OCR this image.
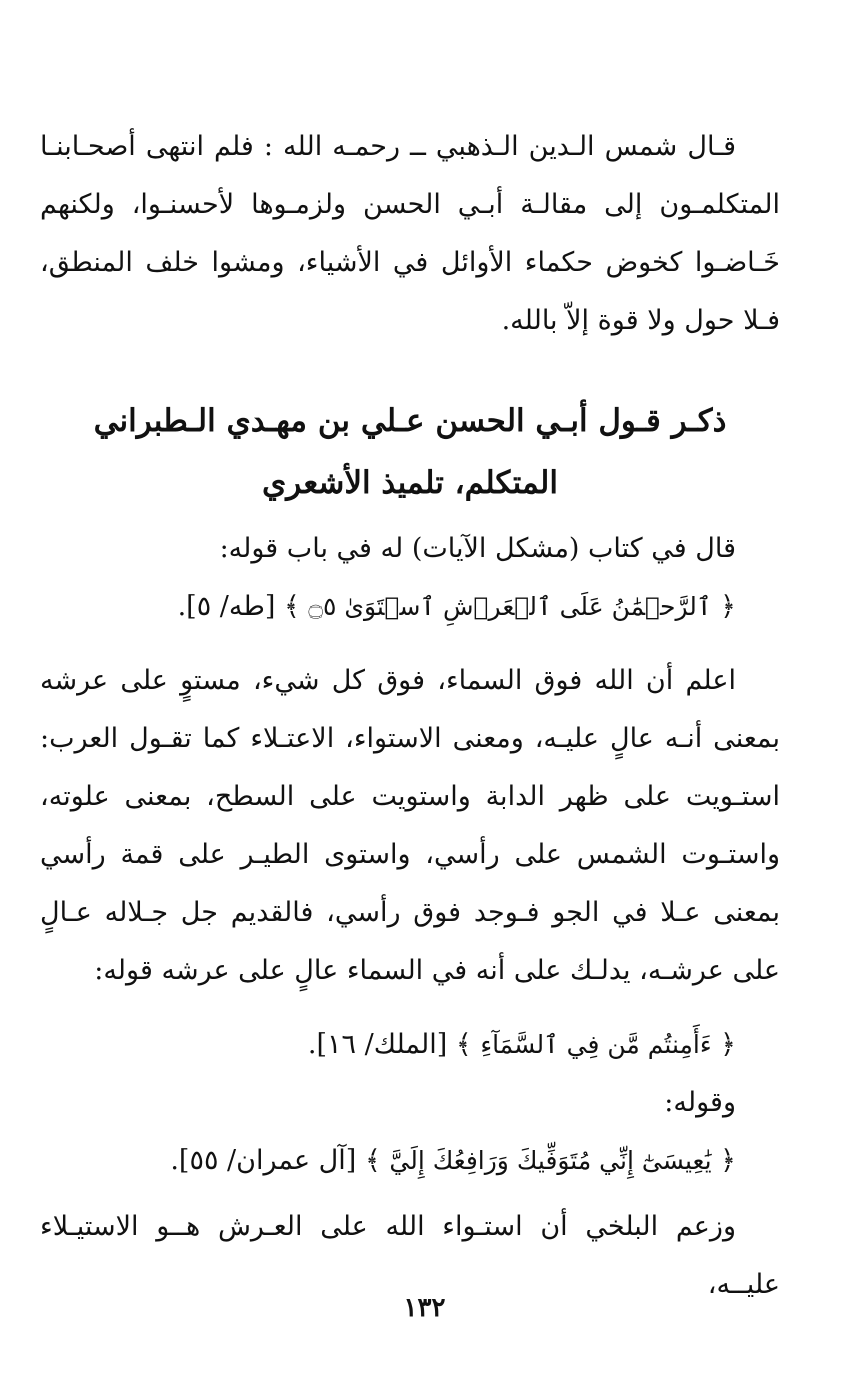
قـال شمس الـدين الـذهبي ــ رحمـه الله : فلم انتهى أصحـابنـا المتكلمـون إلى مقالـة أبـي الحسن ولزمـوها لأحسنـوا، ولكنهم خَـاضـوا كخوض حكماء الأوائل في الأشياء، ومشوا خلف المنطق، فـلا حول ولا قوة إلاّ بالله.

ذكـر قـول أبـي الحسن عـلي بن مهـدي الـطبراني
المتكلم، تلميذ الأشعري

قال في كتاب (مشكل الآيات) له في باب قوله:

﴿ ٱلرَّحۡمَٰنُ عَلَى ٱلۡعَرۡشِ ٱسۡتَوَىٰ ۝٥ ﴾ [طه/ ٥].

اعلم أن الله فوق السماء، فوق كل شيء، مستوٍ على عرشه بمعنى أنـه عالٍ عليـه، ومعنى الاستواء، الاعتـلاء كما تقـول العرب: استـويت على ظهر الدابة واستويت على السطح، بمعنى علوته، واستـوت الشمس على رأسي، واستوى الطيـر على قمة رأسي بمعنى عـلا في الجو فـوجد فوق رأسي، فالقديم جل جـلاله عـالٍ على عرشـه، يدلـك على أنه في السماء عالٍ على عرشه قوله:

﴿ ءَأَمِنتُم مَّن فِي ٱلسَّمَآءِ ﴾ [الملك/ ١٦].

وقوله:

﴿ يَٰعِيسَىٰٓ إِنِّي مُتَوَفِّيكَ وَرَافِعُكَ إِلَيَّ ﴾ [آل عمران/ ٥٥].

وزعم البلخي أن استـواء الله على العـرش هــو الاستيـلاء عليــه،

١٣٢
